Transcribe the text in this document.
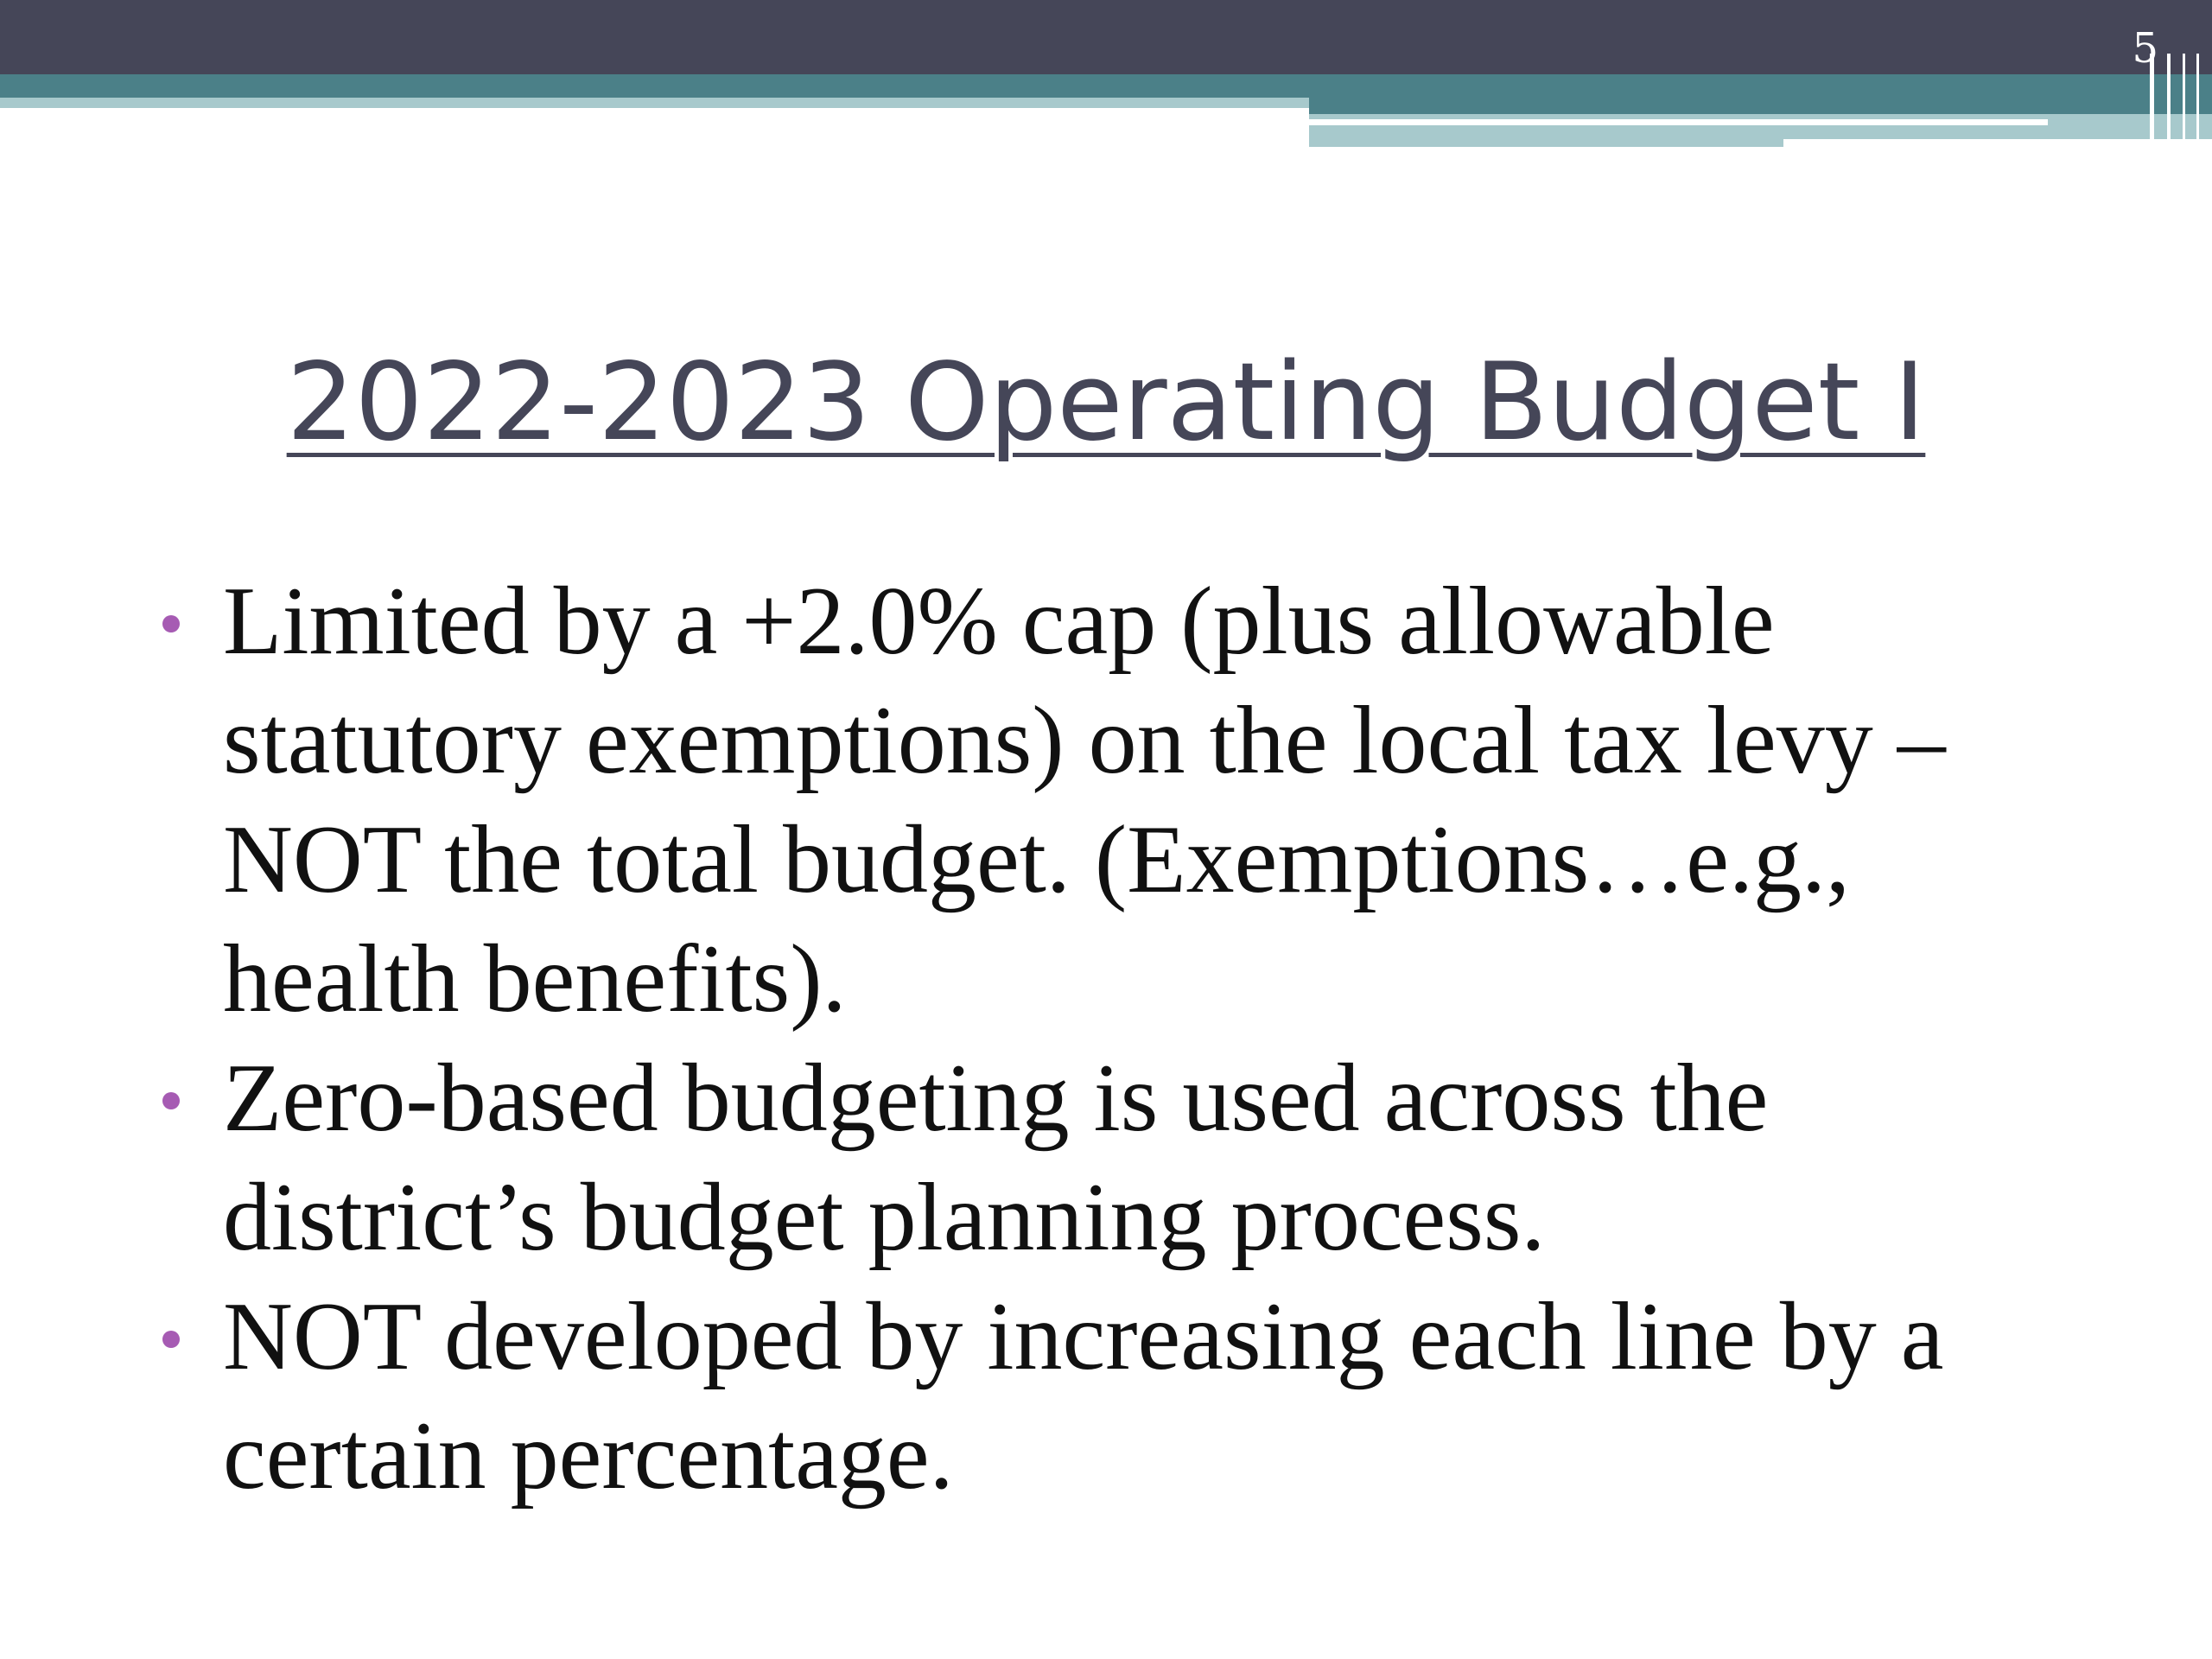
5
2022-2023 Operating Budget I
Limited by a +2.0% cap (plus allowable statutory exemptions) on the local tax levy – NOT the total budget. (Exemptions…e.g., health benefits).
Zero-based budgeting is used across the district’s budget planning process.
NOT developed by increasing each line by a certain percentage.
